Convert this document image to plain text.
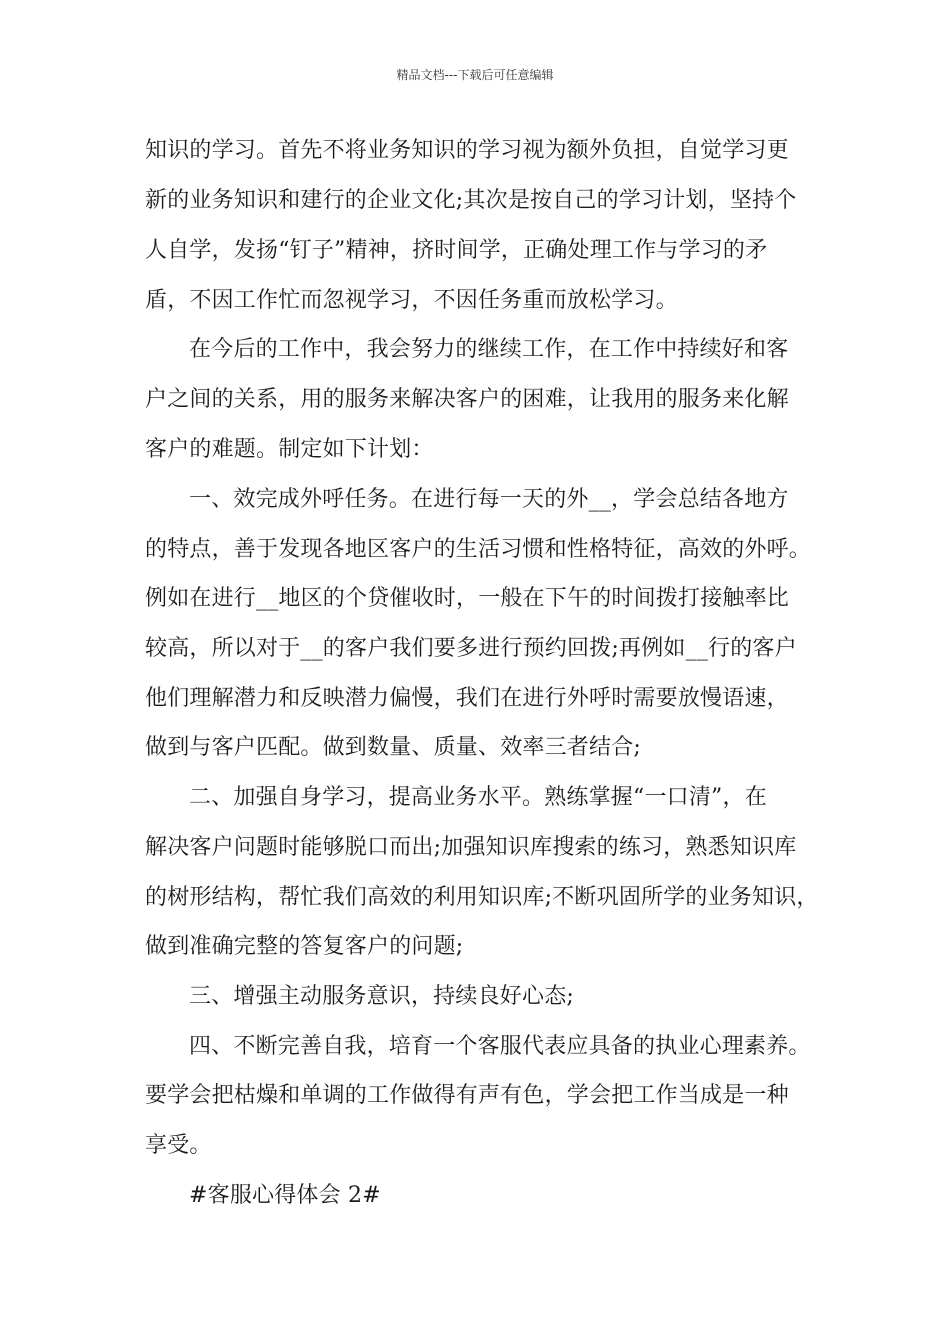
精品文档---下载后可任意编辑
知识的学习。首先不将业务知识的学习视为额外负担，自觉学习更
新的业务知识和建行的企业文化;其次是按自己的学习计划，坚持个
人自学，发扬“钉子”精神，挤时间学，正确处理工作与学习的矛
盾，不因工作忙而忽视学习，不因任务重而放松学习。
在今后的工作中，我会努力的继续工作，在工作中持续好和客
户之间的关系，用的服务来解决客户的困难，让我用的服务来化解
客户的难题。制定如下计划：
一、效完成外呼任务。在进行每一天的外__，学会总结各地方
的特点，善于发现各地区客户的生活习惯和性格特征，高效的外呼。
例如在进行__地区的个贷催收时，一般在下午的时间拨打接触率比
较高，所以对于__的客户我们要多进行预约回拨;再例如__行的客户
他们理解潜力和反映潜力偏慢，我们在进行外呼时需要放慢语速，
做到与客户匹配。做到数量、质量、效率三者结合;
二、加强自身学习，提高业务水平。熟练掌握“一口清”，在
解决客户问题时能够脱口而出;加强知识库搜索的练习，熟悉知识库
的树形结构，帮忙我们高效的利用知识库;不断巩固所学的业务知识，
做到准确完整的答复客户的问题;
三、增强主动服务意识，持续良好心态;
四、不断完善自我，培育一个客服代表应具备的执业心理素养。
要学会把枯燥和单调的工作做得有声有色，学会把工作当成是一种
享受。
#客服心得体会 2#
